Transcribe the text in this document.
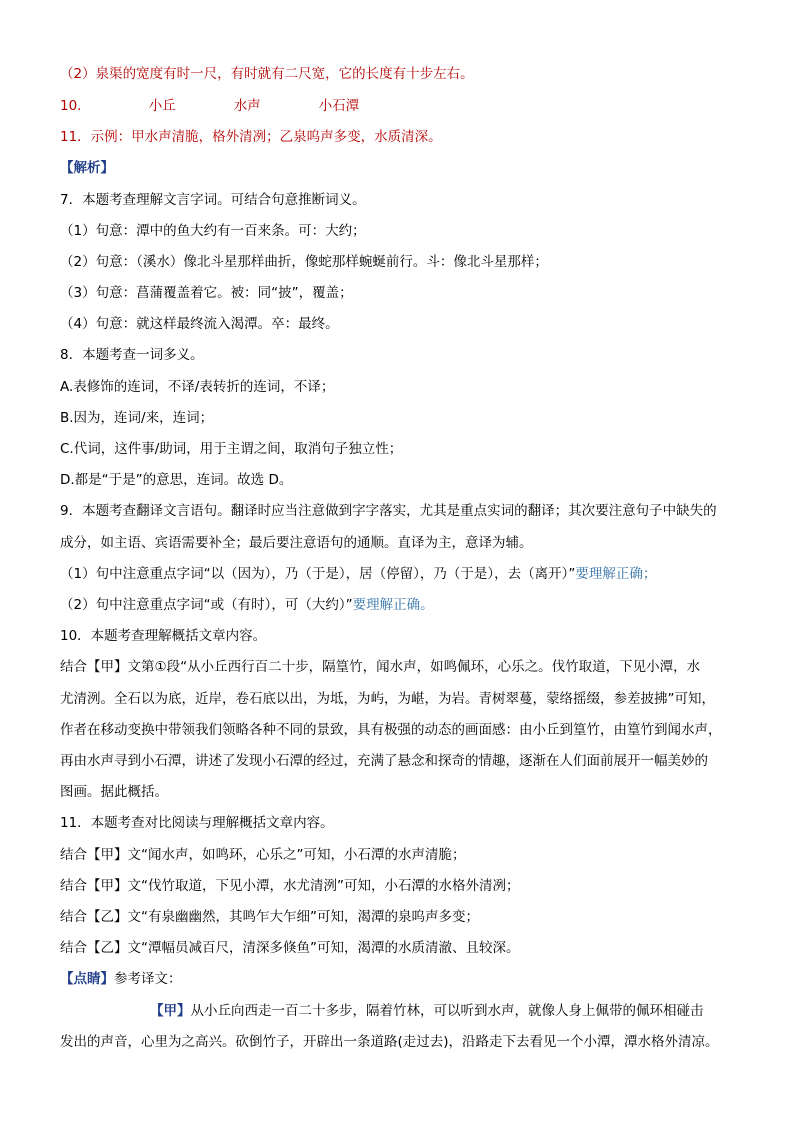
（2）泉渠的宽度有时一尺，有时就有二尺宽，它的长度有十步左右。
10．	小丘	水声	小石潭
11．示例：甲水声清脆，格外清冽；乙泉呜声多变，水质清深。
【解析】
7．本题考查理解文言字词。可结合句意推断词义。
（1）句意：潭中的鱼大约有一百来条。可：大约；
（2）句意：（溪水）像北斗星那样曲折，像蛇那样蜿蜒前行。斗：像北斗星那样；
（3）句意：菖蒲覆盖着它。被：同“披”，覆盖；
（4）句意：就这样最终流入渴潭。卒：最终。
8．本题考查一词多义。
A.表修饰的连词，不译/表转折的连词，不译；
B.因为，连词/来，连词；
C.代词，这件事/助词，用于主谓之间，取消句子独立性；
D.都是“于是”的意思，连词。故选 D。
9．本题考查翻译文言语句。翻译时应当注意做到字字落实，尤其是重点实词的翻译；其次要注意句子中缺失的
成分，如主语、宾语需要补全；最后要注意语句的通顺。直译为主，意译为辅。
（1）句中注意重点字词“以（因为），乃（于是），居（停留），乃（于是），去（离开）”要理解正确；
（2）句中注意重点字词“或（有时），可（大约）”要理解正确。
10．本题考查理解概括文章内容。
结合【甲】文第①段“从小丘西行百二十步，隔篁竹，闻水声，如鸣佩环，心乐之。伐竹取道，下见小潭，水
尤清洌。全石以为底，近岸，卷石底以出，为坻，为屿，为嵁，为岩。青树翠蔓，蒙络摇缀，参差披拂”可知，
作者在移动变换中带领我们领略各种不同的景致，具有极强的动态的画面感：由小丘到篁竹，由篁竹到闻水声，
再由水声寻到小石潭，讲述了发现小石潭的经过，充满了悬念和探奇的情趣，逐渐在人们面前展开一幅美妙的
图画。据此概括。
11．本题考查对比阅读与理解概括文章内容。
结合【甲】文“闻水声，如鸣环，心乐之”可知，小石潭的水声清脆；
结合【甲】文“伐竹取道，下见小潭，水尤清洌”可知，小石潭的水格外清冽；
结合【乙】文“有泉幽幽然，其鸣乍大乍细”可知，渴潭的泉呜声多变；
结合【乙】文“潭幅员减百尺，清深多倏鱼”可知，渴潭的水质清澈、且较深。
【点睛】参考译文：
【甲】从小丘向西走一百二十多步，隔着竹林，可以听到水声，就像人身上佩带的佩环相碰击
发出的声音，心里为之高兴。砍倒竹子，开辟出一条道路(走过去)，沿路走下去看见一个小潭，潭水格外清凉。
